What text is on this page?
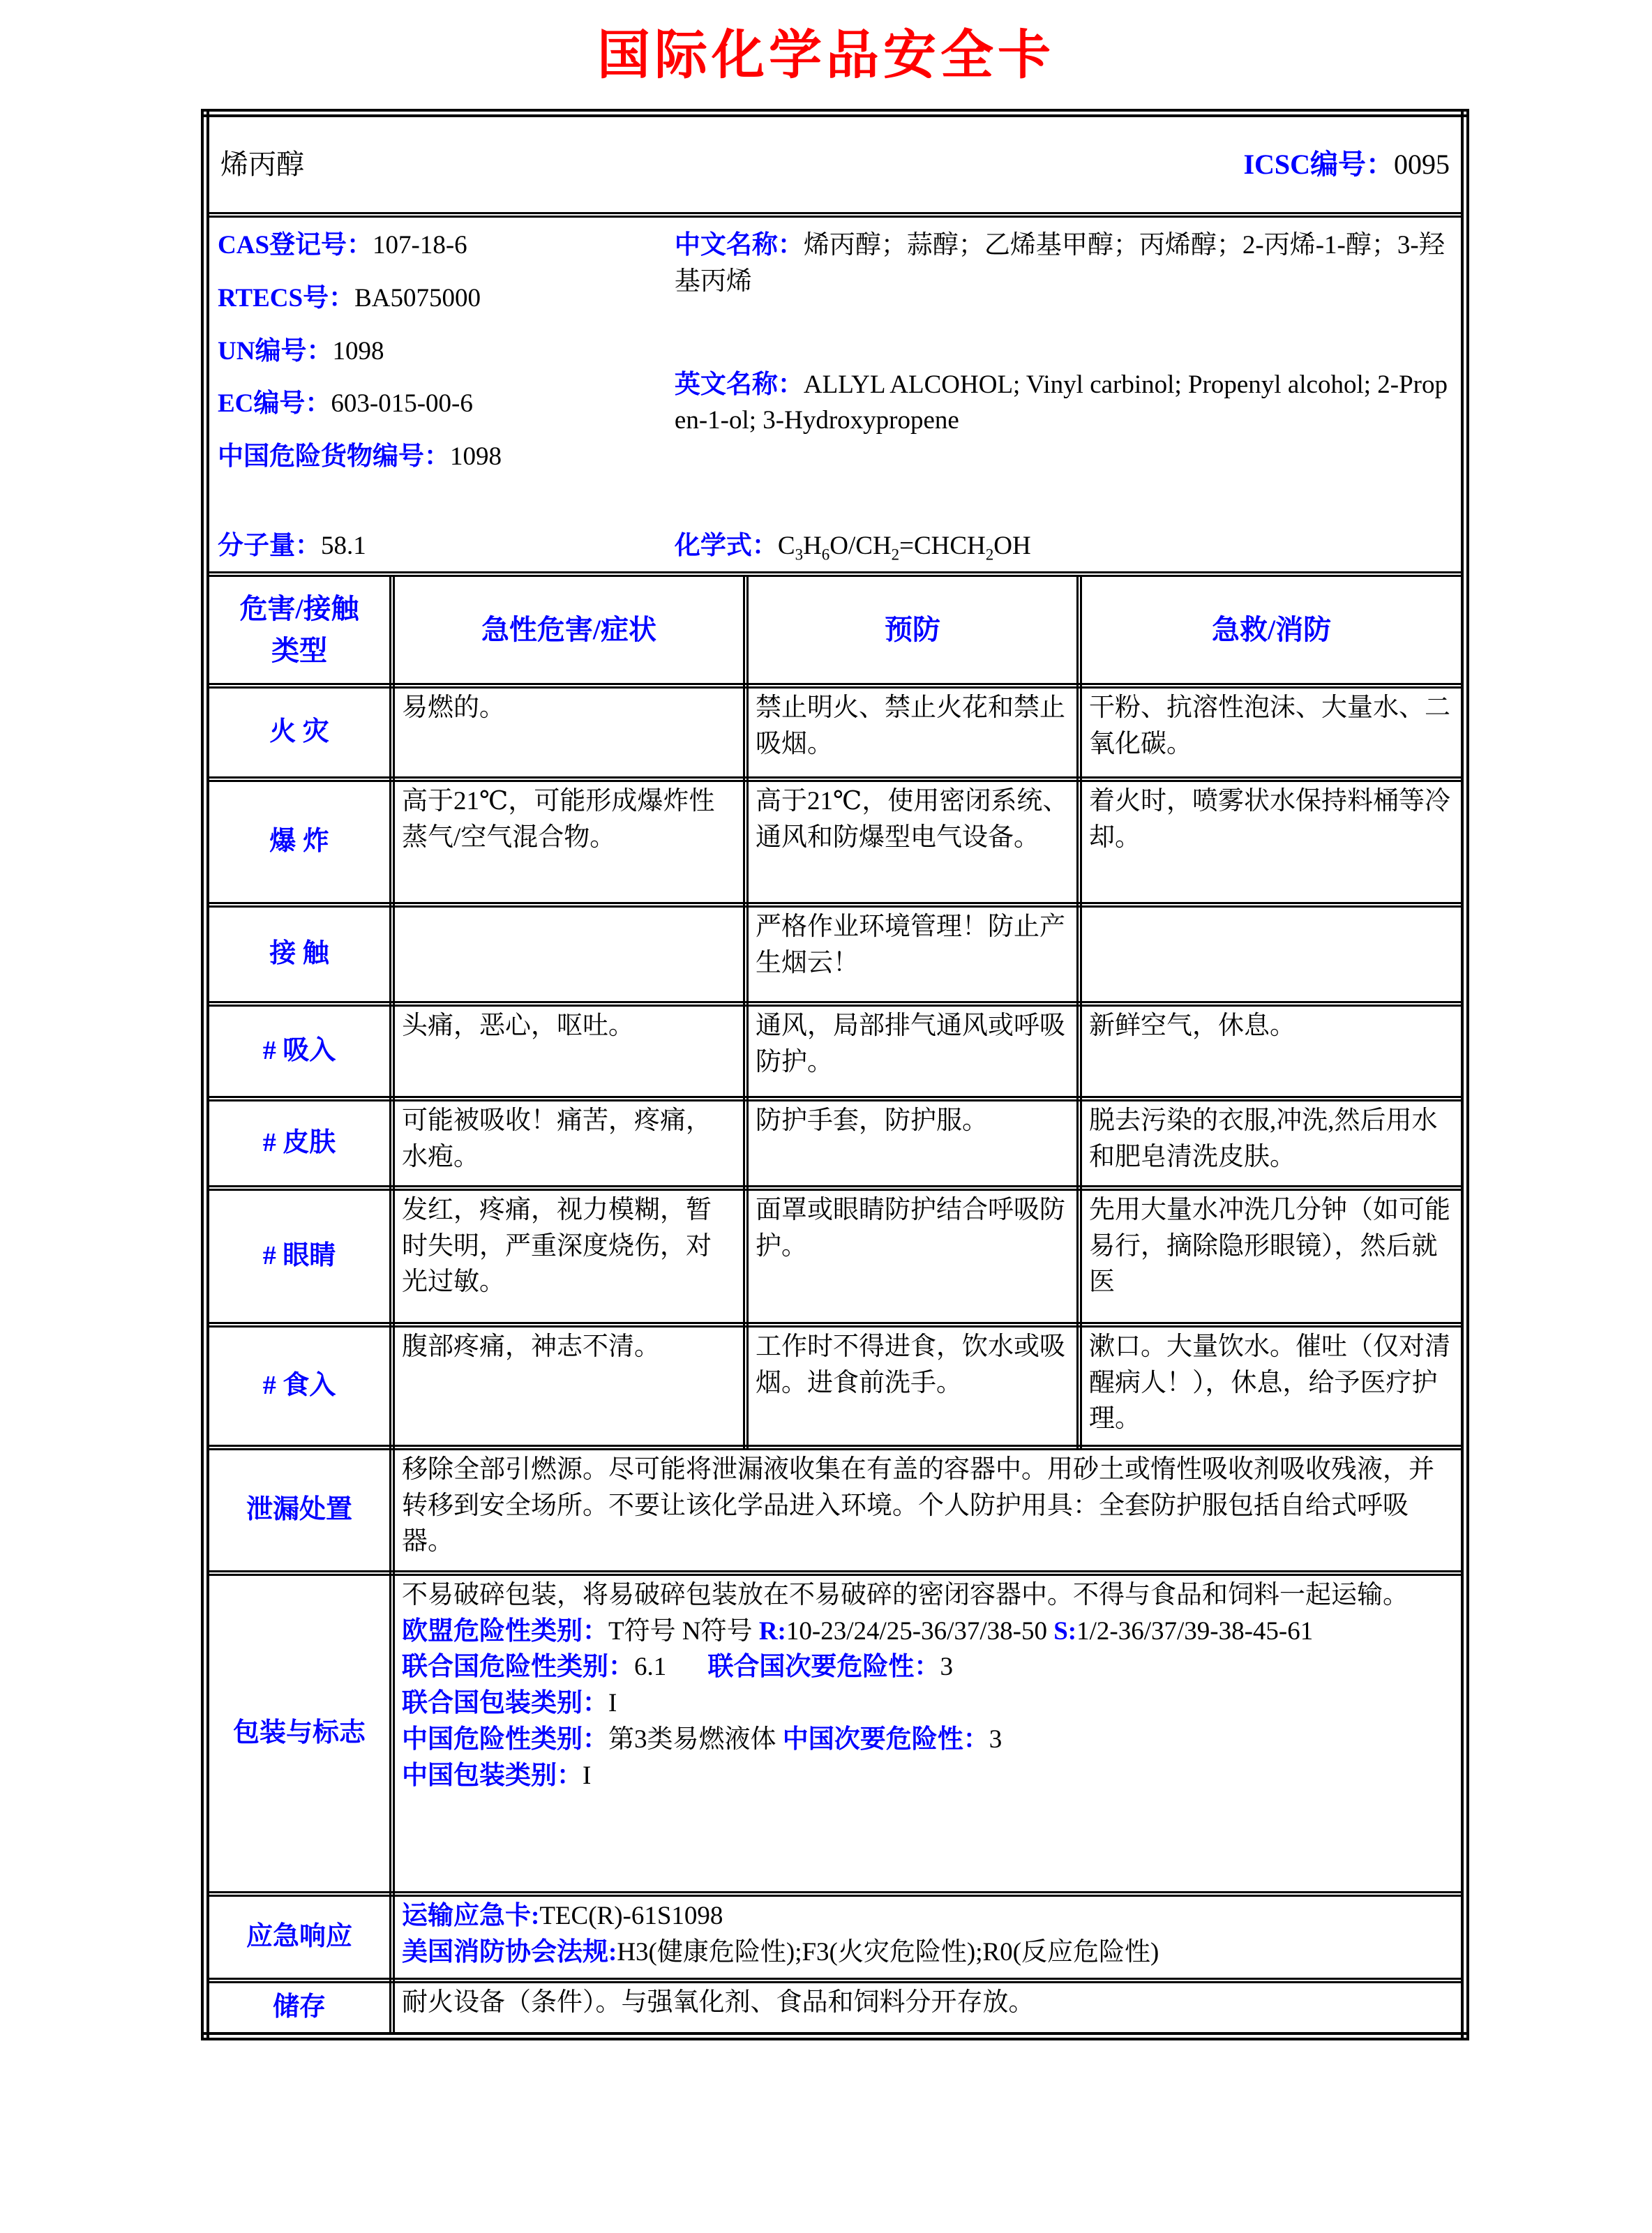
国际化学品安全卡
烯丙醇 ICSC编号：0095			

CAS登记号：107-18-6

RTECS号：BA5075000

UN编号：1098

EC编号：603-015-00-6

中国危险货物编号：1098

中文名称：烯丙醇；蒜醇；乙烯基甲醇；丙烯醇；2-丙烯-1-醇；3-羟基丙烯

英文名称：ALLYL ALCOHOL; Vinyl carbinol; Propenyl alcohol; 2-Propen-1-ol; 3-Hydroxypropene

分子量：58.1	化学式：$C_3H_6O/CH_2=CHCH_2OH$

危害/接触类型	急性危害/症状	预防	急救/消防
火 灾	易燃的。	禁止明火、禁止火花和禁止吸烟。	干粉、抗溶性泡沫、大量水、二氧化碳。
爆 炸	高于21℃，可能形成爆炸性蒸气/空气混合物。	高于21℃，使用密闭系统、通风和防爆型电气设备。	着火时，喷雾状水保持料桶等冷却。
接 触		严格作业环境管理！防止产生烟云！	
# 吸入	头痛，恶心，呕吐。	通风，局部排气通风或呼吸防护。	新鲜空气，休息。
# 皮肤	可能被吸收！痛苦，疼痛，水疱。	防护手套，防护服。	脱去污染的衣服,冲洗,然后用水和肥皂清洗皮肤。
# 眼睛	发红，疼痛，视力模糊，暂时失明，严重深度烧伤，对光过敏。	面罩或眼睛防护结合呼吸防护。	先用大量水冲洗几分钟（如可能易行，摘除隐形眼镜），然后就医
# 食入	腹部疼痛，神志不清。	工作时不得进食，饮水或吸烟。进食前洗手。	漱口。大量饮水。催吐（仅对清醒病人！），休息，给予医疗护理。
泄漏处置	移除全部引燃源。尽可能将泄漏液收集在有盖的容器中。用砂土或惰性吸收剂吸收残液，并转移到安全场所。不要让该化学品进入环境。个人防护用具：全套防护服包括自给式呼吸器。		
包装与标志	

不易破碎包装，将易破碎包装放在不易破碎的密闭容器中。不得与食品和饲料一起运输。

欧盟危险性类别：T符号 N符号 R:10-23/24/25-36/37/38-50 S:1/2-36/37/39-38-45-61

联合国危险性类别：6.1 联合国次要危险性：3

联合国包装类别：I

中国危险性类别：第3类易燃液体 中国次要危险性：3

中国包装类别：I

应急响应	运输应急卡:TEC(R)-61S1098

美国消防协会法规:H3(健康危险性);F3(火灾危险性);R0(反应危险性)		

储存	耐火设备（条件）。与强氧化剂、食品和饲料分开存放。		
